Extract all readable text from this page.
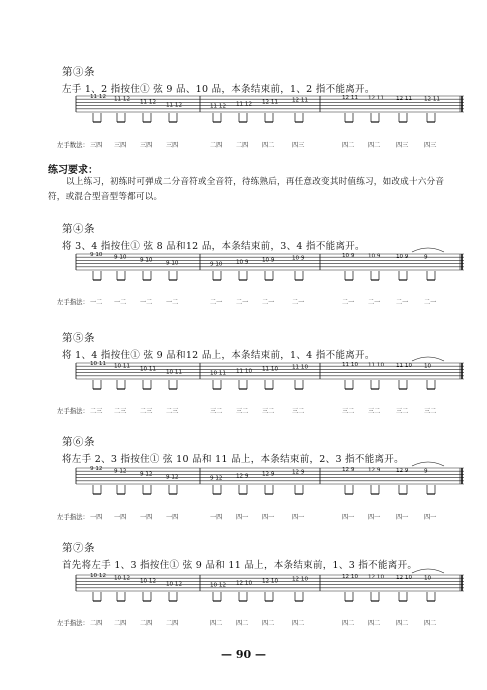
第③条
左手 1、2 指按住① 弦 9 品、10 品，本条结束前，1、2 指不能离开。
11 12 11 12 11 12 11 12	11 12 11 12 12 11 12 11	12 11 12 11 12 11 12 11
左手数法： 三四 三四 三四 三四	二四 二四 四二	四三	四二 四二	四三	四三
练习要求：
以上练习，初练时可弹成二分音符或全音符，待练熟后，再任意改变其时值练习，如改成十六分音符，或混合型音型等都可以。
第④条
将 3、4 指按住① 弦 8 品和12 品，本条结束前，3、4 指不能离开。
9 10 9 10 9 10 9 10	9 10 10 9 10 9	10 9	10 9 10 9	10 9	9
左手指法： 一二 一二 一二 一二	二一 二一 二一	二一	二一 二一	二一	二一
第⑤条
将 1、4 指按住① 弦 9 品和12 品上，本条结束前，1、4 指不能离开。
10 11 10 11 10 11 10 11	10 11 11 10 11 10 11 10	11 10 11 10 11 10 10
左手指法： 二三 二三 二三 二三	三二 三二 三二	三二	三二 三二	三二	三二
第⑥条
将左手 2、3 指按住① 弦 10 品和 11 品上，本条结束前，2、3 指不能离开。
9 12 9 12 9 12 9 12	9 12 12 9 12 9	12 9	12 9 12 9	12 9	9
左手指法： 一四 一四 一四 一四	一四 四一 四一	四一	四一 四一	四一	四一
第⑦条
首先将左手 1、3 指按住① 弦 9 品和 11 品上，本条结束前，1、3 指不能离开。
10 12 10 12 10 12 10 12	10 12 12 10 12 10 12 10	12 10 12 10 12 10 10
左手指法： 二四 二四 二四 二四	四二 四二 四二	四二	四二 四二	四二	四二
— 90 —
